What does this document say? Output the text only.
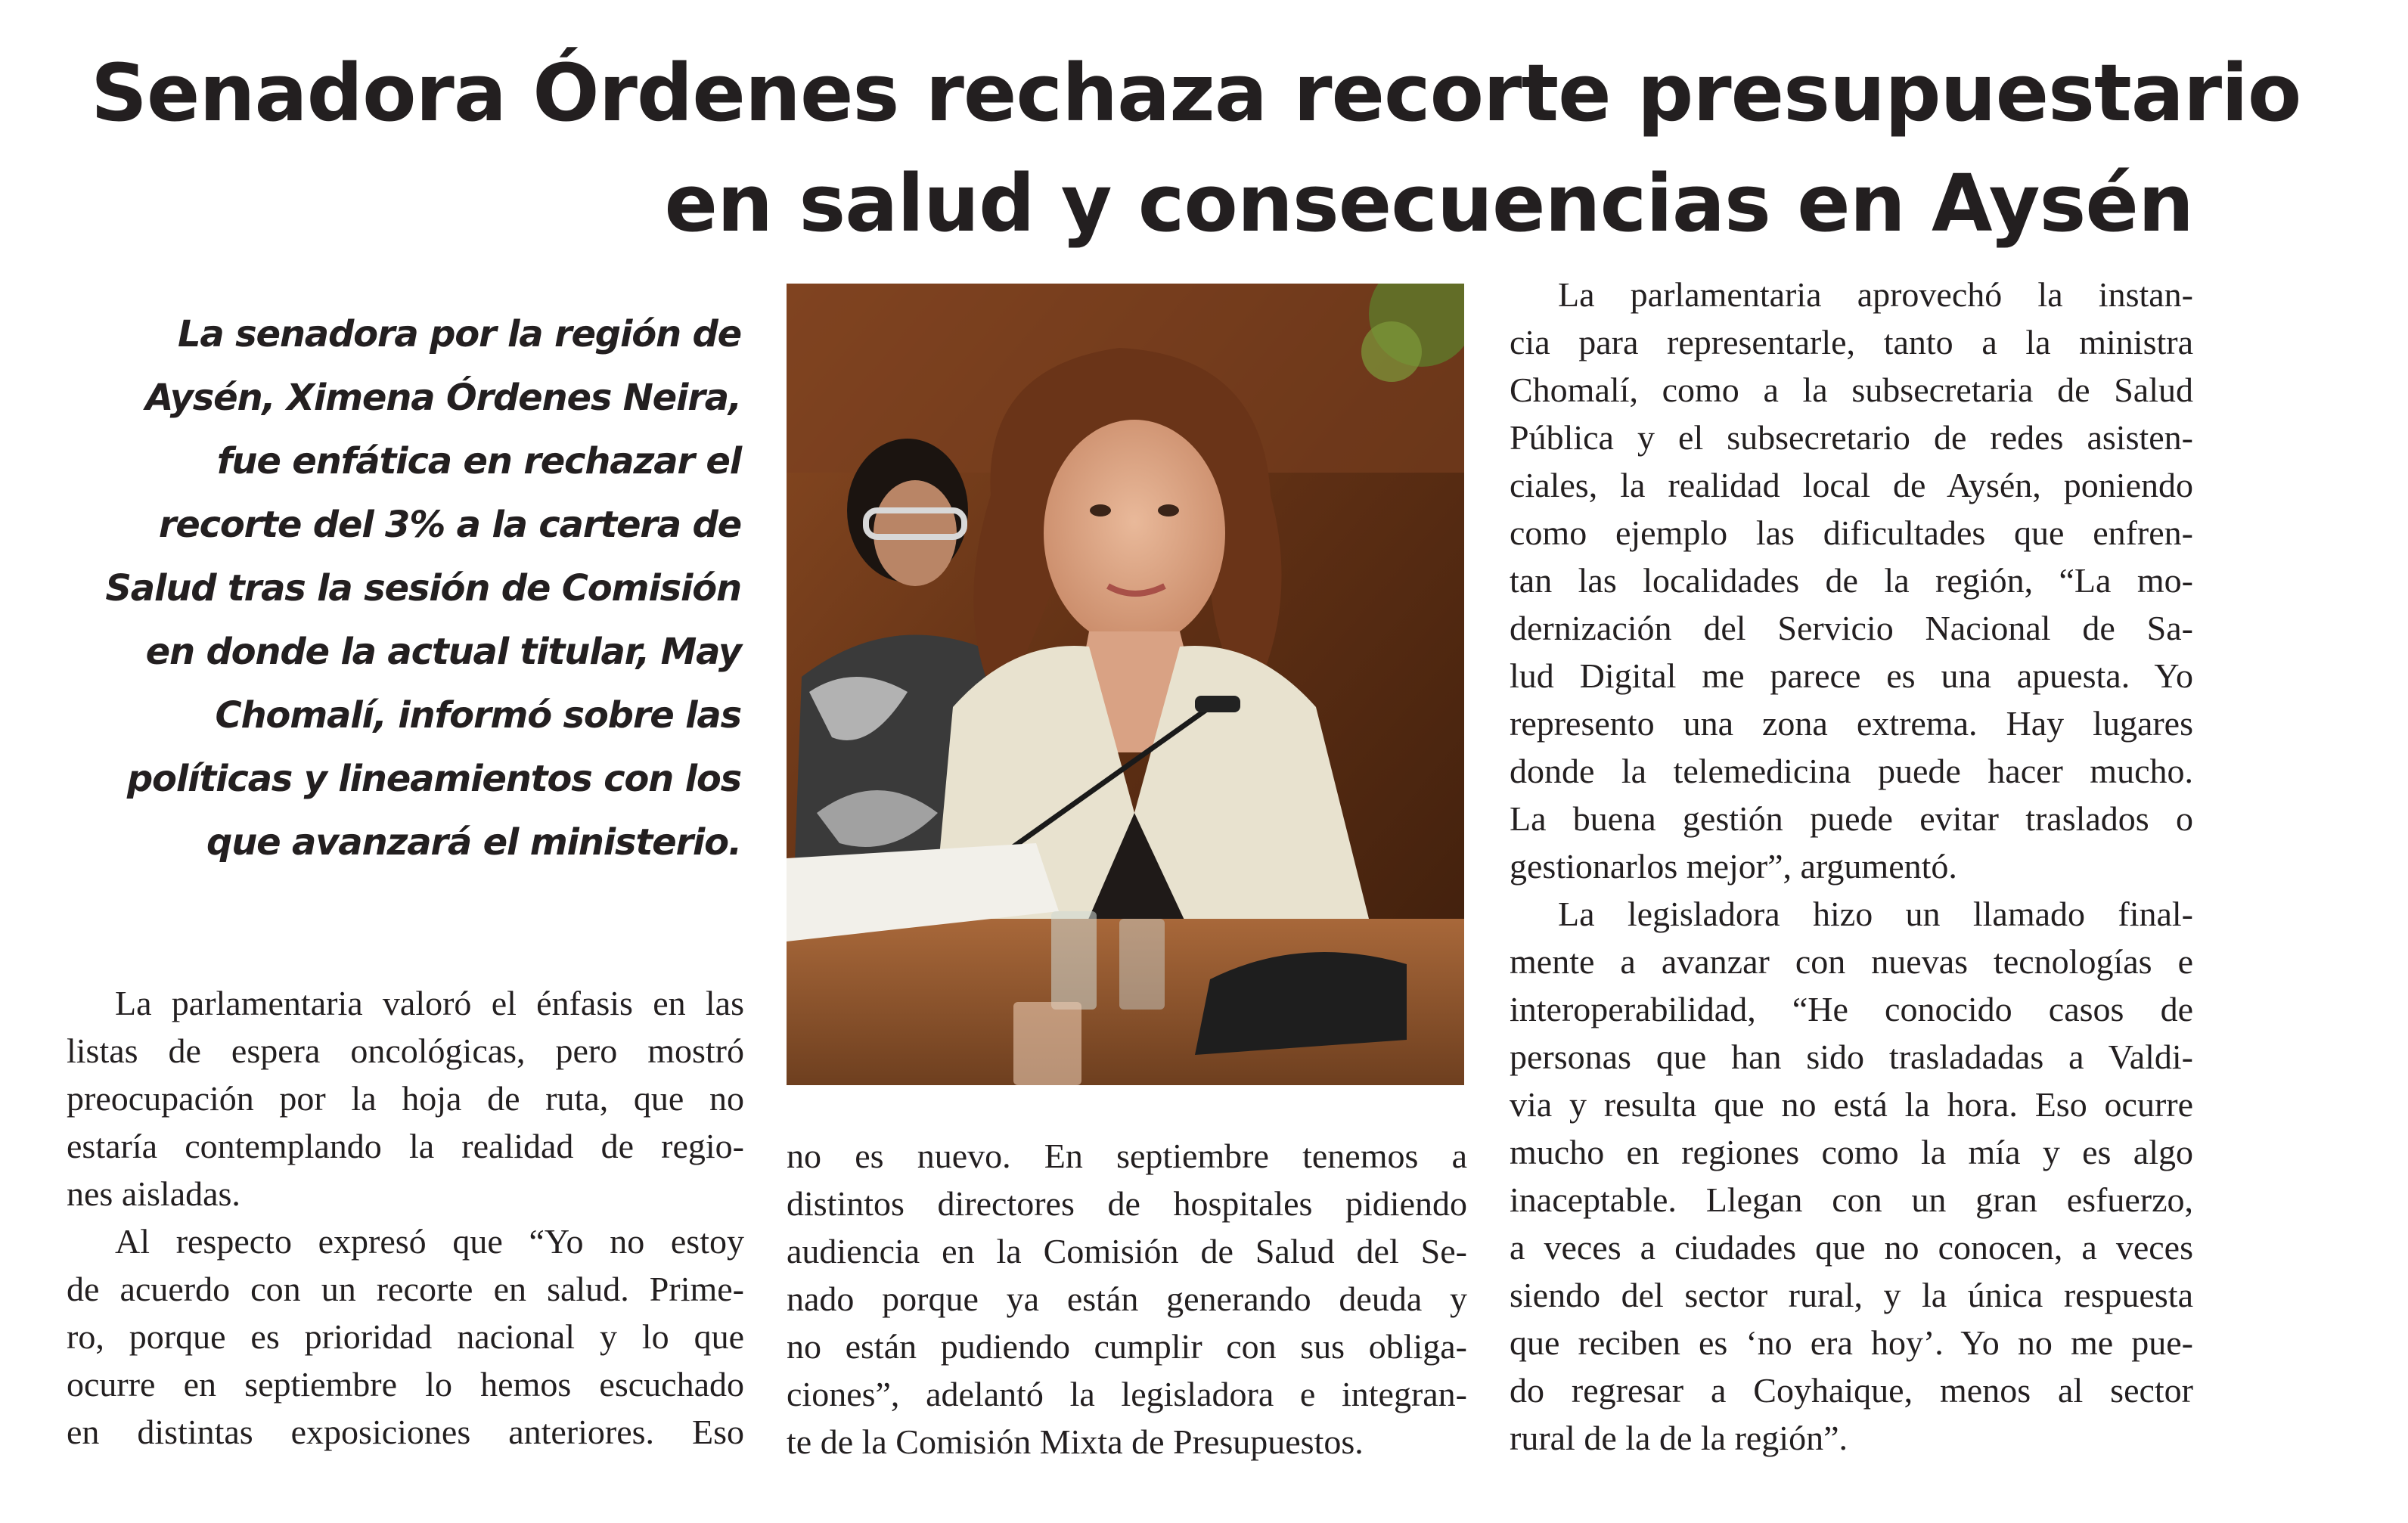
Senadora Órdenes rechaza recorte presupuestario
en salud y consecuencias en Aysén
La senadora por la región de
Aysén, Ximena Órdenes Neira,
fue enfática en rechazar el
recorte del 3% a la cartera de
Salud tras la sesión de Comisión
en donde la actual titular, May
Chomalí, informó sobre las
políticas y lineamientos con los
que avanzará el ministerio.

La parlamentaria valoró el énfasis en las
listas de espera oncológicas, pero mostró
preocupación por la hoja de ruta, que no
estaría contemplando la realidad de regio-
nes aisladas.

Al respecto expresó que “Yo no estoy
de acuerdo con un recorte en salud. Prime-
ro, porque es prioridad nacional y lo que
ocurre en septiembre lo hemos escuchado
en distintas exposiciones anteriores. Eso

no es nuevo. En septiembre tenemos a
distintos directores de hospitales pidiendo
audiencia en la Comisión de Salud del Se-
nado porque ya están generando deuda y
no están pudiendo cumplir con sus obliga-
ciones”, adelantó la legisladora e integran-
te de la Comisión Mixta de Presupuestos.

La parlamentaria aprovechó la instan-
cia para representarle, tanto a la ministra
Chomalí, como a la subsecretaria de Salud
Pública y el subsecretario de redes asisten-
ciales, la realidad local de Aysén, poniendo
como ejemplo las dificultades que enfren-
tan las localidades de la región, “La mo-
dernización del Servicio Nacional de Sa-
lud Digital me parece es una apuesta. Yo
represento una zona extrema. Hay lugares
donde la telemedicina puede hacer mucho.
La buena gestión puede evitar traslados o
gestionarlos mejor”, argumentó.

La legisladora hizo un llamado final-
mente a avanzar con nuevas tecnologías e
interoperabilidad, “He conocido casos de
personas que han sido trasladadas a Valdi-
via y resulta que no está la hora. Eso ocurre
mucho en regiones como la mía y es algo
inaceptable. Llegan con un gran esfuerzo,
a veces a ciudades que no conocen, a veces
siendo del sector rural, y la única respuesta
que reciben es ‘no era hoy’. Yo no me pue-
do regresar a Coyhaique, menos al sector
rural de la de la región”.
